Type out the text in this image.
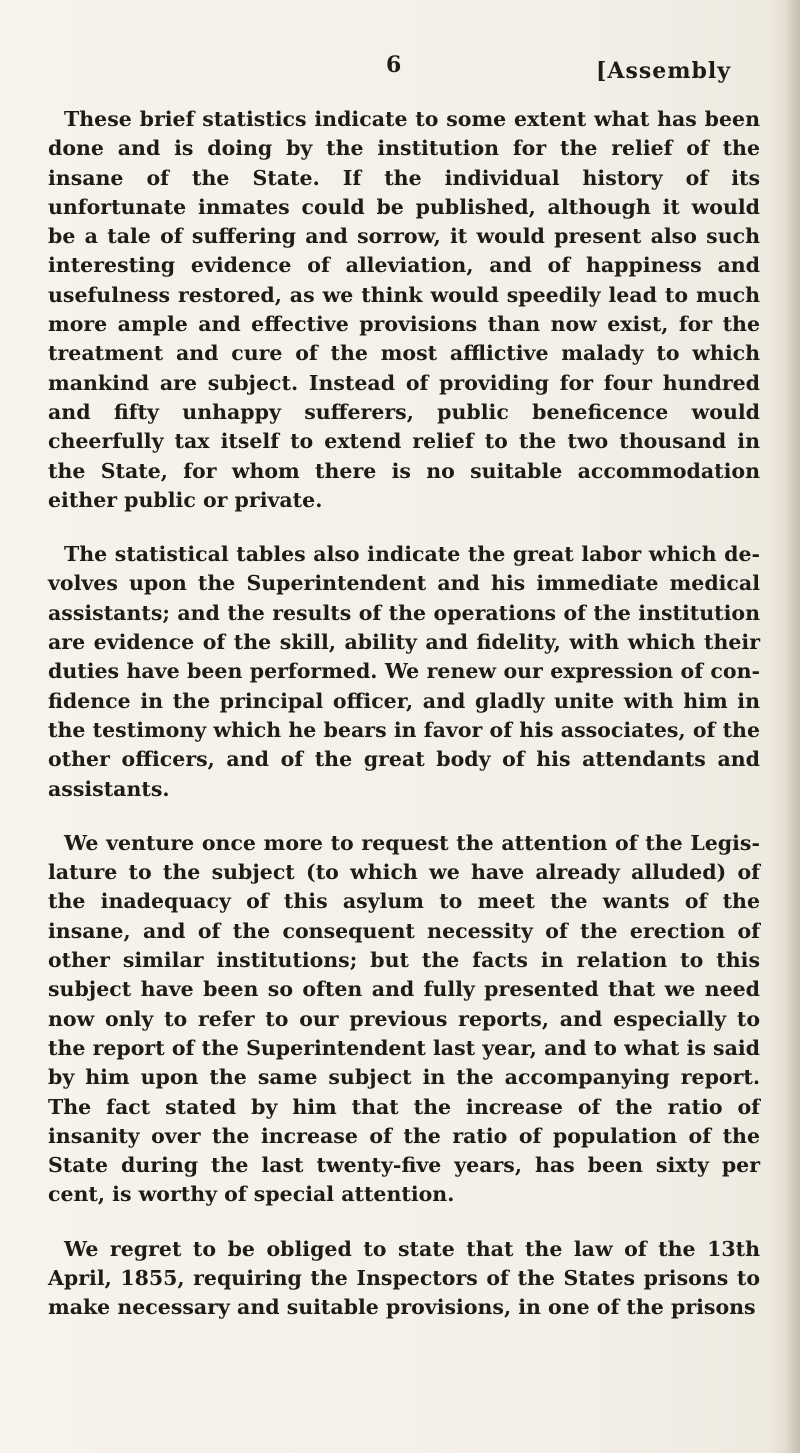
6	[Assembly

These brief statistics indicate to some extent what has been done and is doing by the institution for the relief of the insane of the State. If the individual history of its unfortunate inmates could be published, although it would be a tale of suffering and sorrow, it would present also such interesting evidence of alleviation, and of happiness and usefulness restored, as we think would speedily lead to much more ample and effective provisions than now exist, for the treatment and cure of the most afflictive malady to which mankind are subject. Instead of providing for four hundred and fifty unhappy sufferers, public beneficence would cheerfully tax itself to extend relief to the two thousand in the State, for whom there is no suitable accommodation either public or private.

The statistical tables also indicate the great labor which devolves upon the Superintendent and his immediate medical assistants; and the results of the operations of the institution are evidence of the skill, ability and fidelity, with which their duties have been performed. We renew our expression of confidence in the principal officer, and gladly unite with him in the testimony which he bears in favor of his associates, of the other officers, and of the great body of his attendants and assistants.

We venture once more to request the attention of the Legislature to the subject (to which we have already alluded) of the inadequacy of this asylum to meet the wants of the insane, and of the consequent necessity of the erection of other similar institutions; but the facts in relation to this subject have been so often and fully presented that we need now only to refer to our previous reports, and especially to the report of the Superintendent last year, and to what is said by him upon the same subject in the accompanying report. The fact stated by him that the increase of the ratio of insanity over the increase of the ratio of population of the State during the last twenty-five years, has been sixty per cent, is worthy of special attention.

We regret to be obliged to state that the law of the 13th April, 1855, requiring the Inspectors of the States prisons to make necessary and suitable provisions, in one of the prisons
